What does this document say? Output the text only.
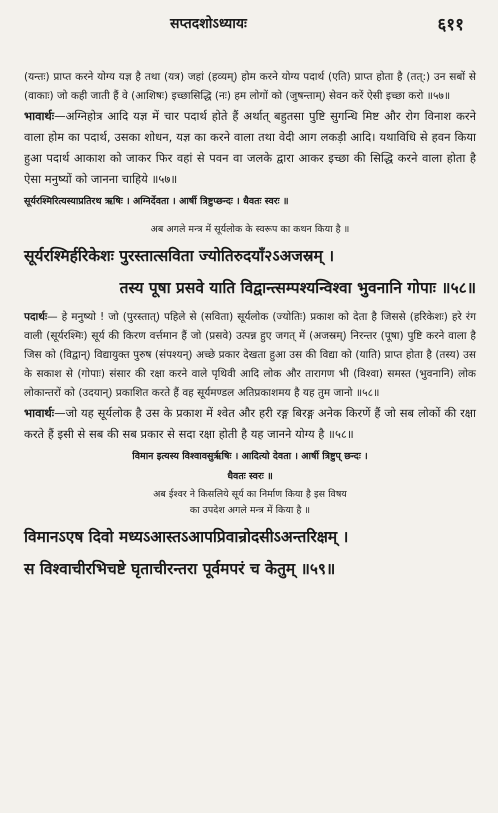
सप्तदशोऽध्यायः	६११

(यन्तः) प्राप्त करने योग्य यज्ञ है तथा (यत्र) जहां (हव्यम्) होम करने योग्य पदार्थ (एति) प्राप्त होता है (तत्:) उन सबों से (वाकाः) जो कही जाती हैं वे (आशिषः) इच्छासिद्धि (नः) हम लोगों को (जुषन्ताम्) सेवन करें ऐसी इच्छा करो ॥५७॥

भावार्थः—अग्निहोत्र आदि यज्ञ में चार पदार्थ होते हैं अर्थात् बहुतसा पुष्टि सुगन्धि मिष्ट और रोग विनाश करने वाला होम का पदार्थ, उसका शोधन, यज्ञ का करने वाला तथा वेदी आग लकड़ी आदि। यथाविधि से हवन किया हुआ पदार्थ आकाश को जाकर फिर वहां से पवन वा जलके द्वारा आकर इच्छा की सिद्धि करने वाला होता है ऐसा मनुष्यों को जानना चाहिये ॥५७॥

सूर्यरश्मिरित्यस्याप्रतिरथ ऋषिः । अग्निर्देवता । आर्षी त्रिष्टुप्छन्दः । धैवतः स्वरः ॥

अब अगले मन्त्र में सूर्यलोक के स्वरूप का कथन किया है ॥

सूर्यरश्मिर्हरिकेशः पुरस्तात्सविता ज्योतिरुदयाँ२ऽअजस्रम् ।

तस्य पूषा प्रसवे याति विद्वान्त्सम्पश्यन्विश्वा भुवनानि गोपाः ॥५८॥

पदार्थः— हे मनुष्यो ! जो (पुरस्तात्) पहिले से (सविता) सूर्यलोक (ज्योतिः) प्रकाश को देता है जिससे (हरिकेशः) हरे रंग वाली (सूर्यरश्मिः) सूर्य की किरण वर्त्तमान हैं जो (प्रसवे) उत्पन्न हुए जगत् में (अजस्रम्) निरन्तर (पूषा) पुष्टि करने वाला है जिस को (विद्वान्) विद्यायुक्त पुरुष (संपश्यन्) अच्छे प्रकार देखता हुआ उस की विद्या को (याति) प्राप्त होता है (तस्य) उस के सकाश से (गोपाः) संसार की रक्षा करने वाले पृथिवी आदि लोक और तारागण भी (विश्वा) समस्त (भुवनानि) लोक लोकान्तरों को (उदयान्) प्रकाशित करते हैं वह सूर्यमण्डल अतिप्रकाशमय है यह तुम जानो ॥५८॥

भावार्थः—जो यह सूर्यलोक है उस के प्रकाश में श्वेत और हरी रङ्ग बिरङ्ग अनेक किरणें हैं जो सब लोकों की रक्षा करते हैं इसी से सब की सब प्रकार से सदा रक्षा होती है यह जानने योग्य है ॥५८॥

विमान इत्यस्य विश्वावसुर्ऋषिः । आदित्यो देवता । आर्षी त्रिष्टुप् छन्दः ।

धैवतः स्वरः ॥

अब ईश्वर ने किसलिये सूर्य का निर्माण किया है इस विषय

का उपदेश अगले मन्त्र में किया है ॥

विमानऽएष दिवो मध्यऽआस्तऽआपप्रिवान्रोदसीऽअन्तरिक्षम् ।

स विश्वाचीरभिचष्टे घृताचीरन्तरा पूर्वमपरं च केतुम् ॥५९॥
